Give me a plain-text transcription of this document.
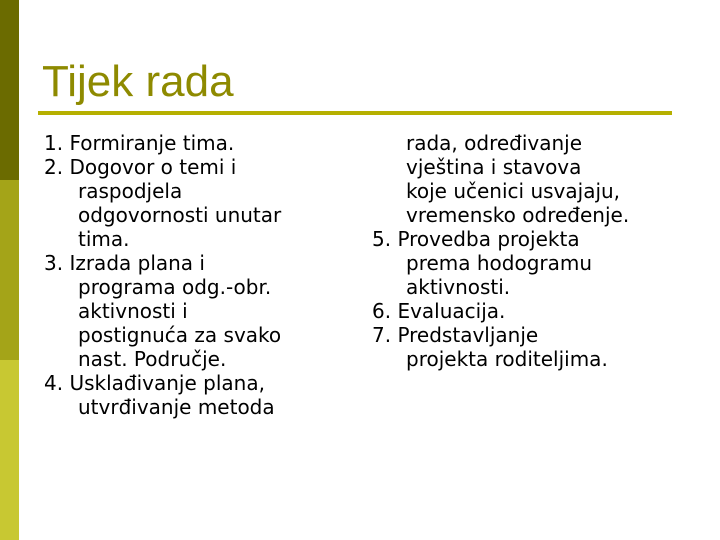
Tijek rada
1. Formiranje tima.
2. Dogovor o temi i
raspodjela
odgovornosti unutar
tima.
3. Izrada plana i
programa odg.-obr.
aktivnosti i
postignuća za svako
nast. Područje.
4. Usklađivanje plana,
utvrđivanje metoda
rada, određivanje
vještina i stavova
koje učenici usvajaju,
vremensko određenje.
5. Provedba projekta
prema hodogramu
aktivnosti.
6. Evaluacija.
7. Predstavljanje
projekta roditeljima.
